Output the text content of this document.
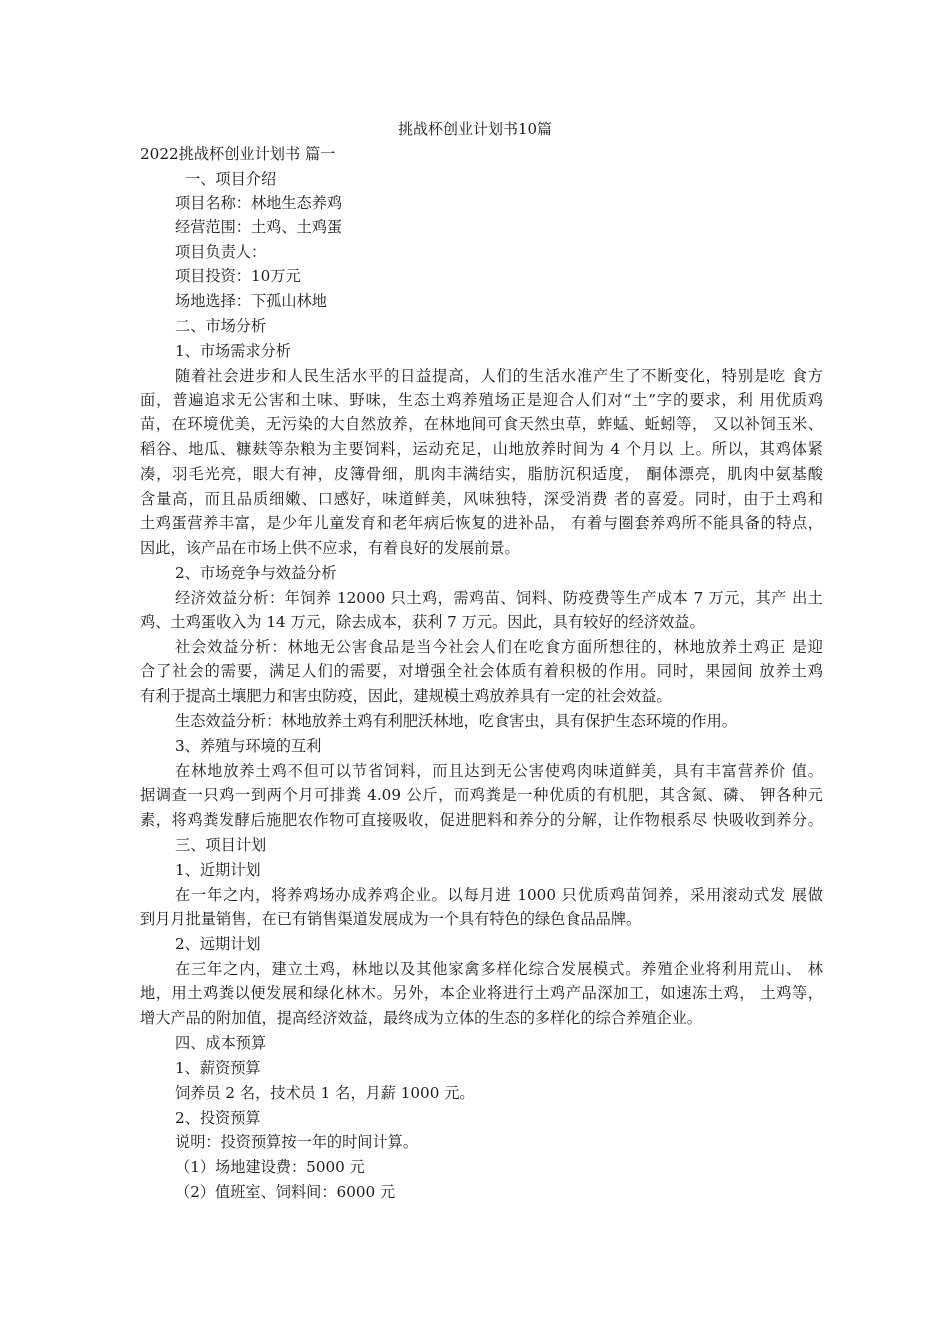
挑战杯创业计划书10篇
2022挑战杯创业计划书 篇一
一、项目介绍
项目名称：林地生态养鸡
经营范围：土鸡、土鸡蛋
项目负责人：
项目投资：10万元
场地选择：下孤山林地
二、市场分析
1、市场需求分析
随着社会进步和人民生活水平的日益提高，人们的生活水准产生了不断变化，特别是吃 食方
面，普遍追求无公害和土味、野味，生态土鸡养殖场正是迎合人们对“土”字的要求，利 用优质鸡
苗，在环境优美，无污染的大自然放养，在林地间可食天然虫草，蚱蜢、蚯蚓等， 又以补饲玉米、
稻谷、地瓜、糠麸等杂粮为主要饲料，运动充足，山地放养时间为 4 个月以 上。所以，其鸡体紧
凑，羽毛光亮，眼大有神，皮簿骨细，肌肉丰满结实，脂肪沉积适度， 酮体漂亮，肌肉中氨基酸
含量高，而且品质细嫩、口感好，味道鲜美，风味独特，深受消费 者的喜爱。同时，由于土鸡和
土鸡蛋营养丰富，是少年儿童发育和老年病后恢复的进补品， 有着与圈套养鸡所不能具备的特点，
因此，该产品在市场上供不应求，有着良好的发展前景。
2、市场竞争与效益分析
经济效益分析：年饲养 12000 只土鸡，需鸡苗、饲料、防疫费等生产成本 7 万元，其产 出土
鸡、土鸡蛋收入为 14 万元，除去成本，获利 7 万元。因此，具有较好的经济效益。
社会效益分析：林地无公害食品是当今社会人们在吃食方面所想往的，林地放养土鸡正 是迎
合了社会的需要，满足人们的需要，对增强全社会体质有着积极的作用。同时，果园间 放养土鸡
有利于提高土壤肥力和害虫防疫，因此，建规模土鸡放养具有一定的社会效益。
生态效益分析：林地放养土鸡有利肥沃林地，吃食害虫，具有保护生态环境的作用。
3、养殖与环境的互利
在林地放养土鸡不但可以节省饲料，而且达到无公害使鸡肉味道鲜美，具有丰富营养价 值。
据调查一只鸡一到两个月可排粪 4.09 公斤，而鸡粪是一种优质的有机肥，其含氮、磷、 钾各种元
素，将鸡粪发酵后施肥农作物可直接吸收，促进肥料和养分的分解，让作物根系尽 快吸收到养分。
三、项目计划
1、近期计划
在一年之内，将养鸡场办成养鸡企业。以每月进 1000 只优质鸡苗饲养，采用滚动式发 展做
到月月批量销售，在已有销售渠道发展成为一个具有特色的绿色食品品牌。
2、远期计划
在三年之内，建立土鸡，林地以及其他家禽多样化综合发展模式。养殖企业将利用荒山、 林
地，用土鸡粪以便发展和绿化林木。另外，本企业将进行土鸡产品深加工，如速冻土鸡， 土鸡等，
增大产品的附加值，提高经济效益，最终成为立体的生态的多样化的综合养殖企业。
四、成本预算
1、薪资预算
饲养员 2 名，技术员 1 名，月薪 1000 元。
2、投资预算
说明：投资预算按一年的时间计算。
（1）场地建设费：5000 元
（2）值班室、饲料间：6000 元
